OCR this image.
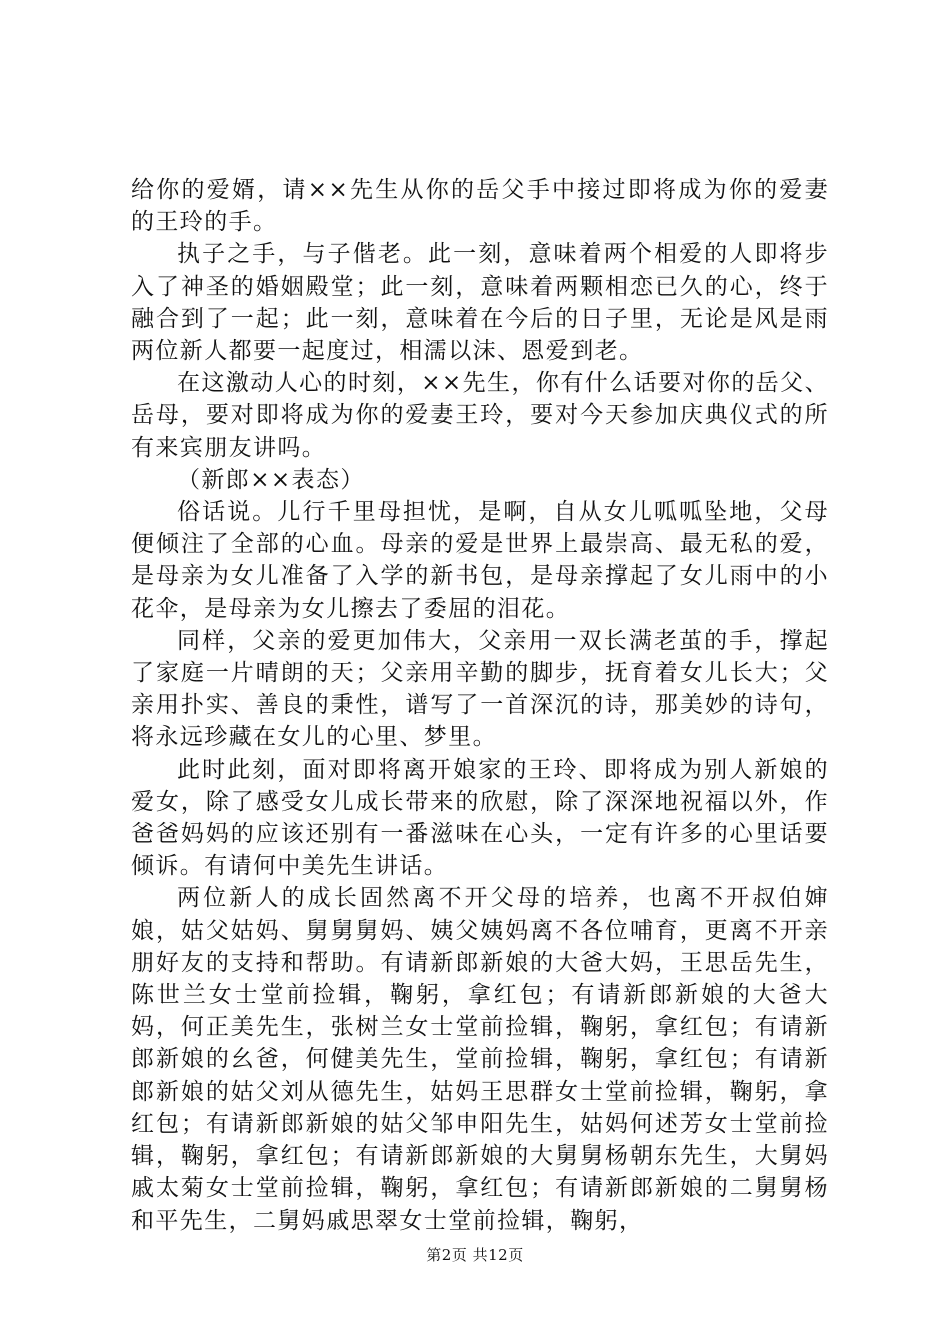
给你的爱婿，请××先生从你的岳父手中接过即将成为你的爱妻的王玲的手。

执子之手，与子偕老。此一刻，意味着两个相爱的人即将步入了神圣的婚姻殿堂；此一刻，意味着两颗相恋已久的心，终于融合到了一起；此一刻，意味着在今后的日子里，无论是风是雨两位新人都要一起度过，相濡以沫、恩爱到老。

在这激动人心的时刻，××先生，你有什么话要对你的岳父、岳母，要对即将成为你的爱妻王玲，要对今天参加庆典仪式的所有来宾朋友讲吗。

（新郎××表态）

俗话说。儿行千里母担忧，是啊，自从女儿呱呱坠地，父母便倾注了全部的心血。母亲的爱是世界上最崇高、最无私的爱，是母亲为女儿准备了入学的新书包，是母亲撑起了女儿雨中的小花伞，是母亲为女儿擦去了委屈的泪花。

同样，父亲的爱更加伟大，父亲用一双长满老茧的手，撑起了家庭一片晴朗的天；父亲用辛勤的脚步，抚育着女儿长大；父亲用扑实、善良的秉性，谱写了一首深沉的诗，那美妙的诗句，将永远珍藏在女儿的心里、梦里。

此时此刻，面对即将离开娘家的王玲、即将成为别人新娘的爱女，除了感受女儿成长带来的欣慰，除了深深地祝福以外，作爸爸妈妈的应该还别有一番滋味在心头，一定有许多的心里话要倾诉。有请何中美先生讲话。

两位新人的成长固然离不开父母的培养，也离不开叔伯婶娘，姑父姑妈、舅舅舅妈、姨父姨妈离不各位哺育，更离不开亲朋好友的支持和帮助。有请新郎新娘的大爸大妈，王思岳先生，陈世兰女士堂前捡辑，鞠躬，拿红包；有请新郎新娘的大爸大妈，何正美先生，张树兰女士堂前捡辑，鞠躬，拿红包；有请新郎新娘的幺爸，何健美先生，堂前捡辑，鞠躬，拿红包；有请新郎新娘的姑父刘从德先生，姑妈王思群女士堂前捡辑，鞠躬，拿红包；有请新郎新娘的姑父邹申阳先生，姑妈何述芳女士堂前捡辑，鞠躬，拿红包；有请新郎新娘的大舅舅杨朝东先生，大舅妈戚太菊女士堂前捡辑，鞠躬，拿红包；有请新郎新娘的二舅舅杨和平先生，二舅妈戚思翠女士堂前捡辑，鞠躬，

第2页 共12页
